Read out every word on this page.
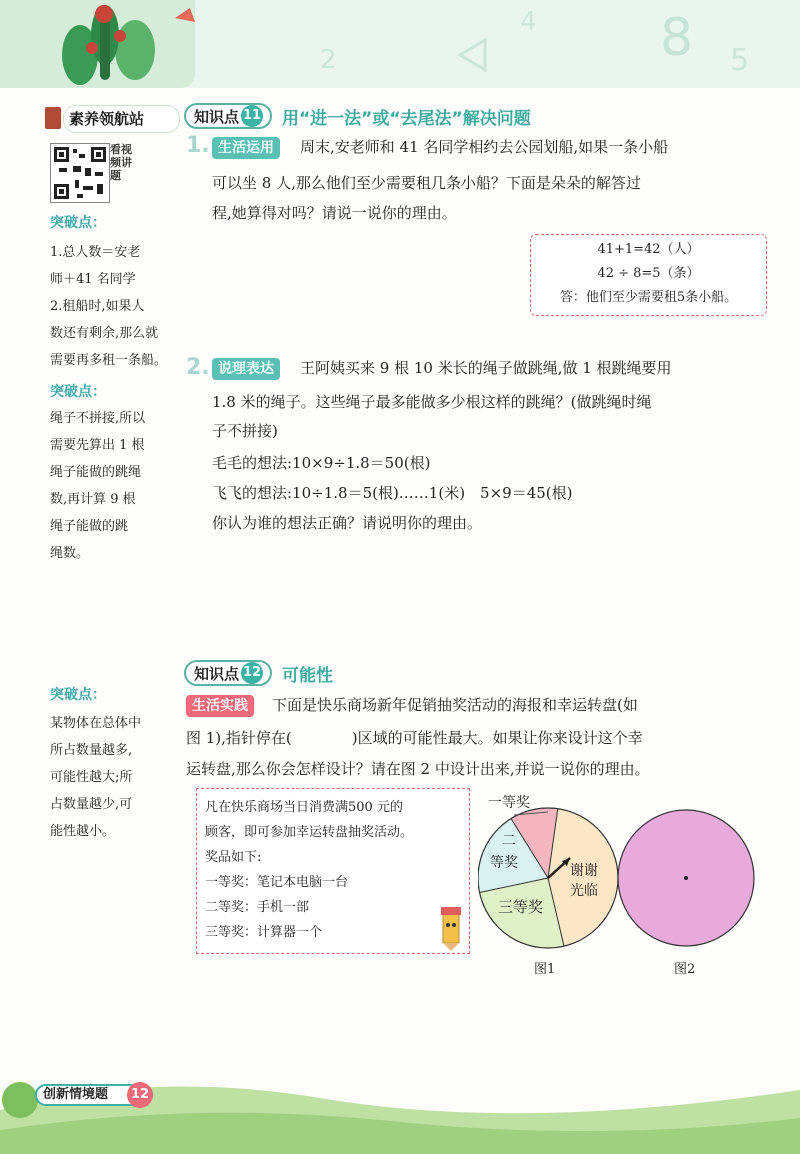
2
4 8 5
素养领航站
看视频讲题
突破点：
1.总人数＝安老
师＋41 名同学
2.租船时,如果人
数还有剩余,那么就
需要再多租一条船。
突破点：
绳子不拼接,所以
需要先算出 1 根
绳子能做的跳绳
数,再计算 9 根
绳子能做的跳
绳数。
突破点：
某物体在总体中
所占数量越多,
可能性越大;所
占数量越少,可
能性越小。
知识点 11 用“进一法”或“去尾法”解决问题
1. 生活运用	周末,安老师和 41 名同学相约去公园划船,如果一条小船
可以坐 8 人,那么他们至少需要租几条小船？下面是朵朵的解答过
程,她算得对吗？请说一说你的理由。
41+1=42（人）
42 ÷ 8=5（条）
答：他们至少需要租5条小船。
2. 说理表达	王阿姨买来 9 根 10 米长的绳子做跳绳,做 1 根跳绳要用
1.8 米的绳子。这些绳子最多能做多少根这样的跳绳？(做跳绳时绳
子不拼接)
毛毛的想法:10×9÷1.8＝50(根)
飞飞的想法:10÷1.8＝5(根)……1(米)　5×9＝45(根)
你认为谁的想法正确？请说明你的理由。
知识点 12 可能性
生活实践	下面是快乐商场新年促销抽奖活动的海报和幸运转盘(如
图 1),指针停在(　　　　)区域的可能性最大。如果让你来设计这个幸
运转盘,那么你会怎样设计？请在图 2 中设计出来,并说一说你的理由。

凡在快乐商场当日消费满500 元的

顾客，即可参加幸运转盘抽奖活动。

奖品如下:

一等奖：笔记本电脑一台

二等奖：手机一部

三等奖：计算器一个

一等奖
二
等奖
三等奖
谢谢
光临
图1	图2
创新情境题	12
